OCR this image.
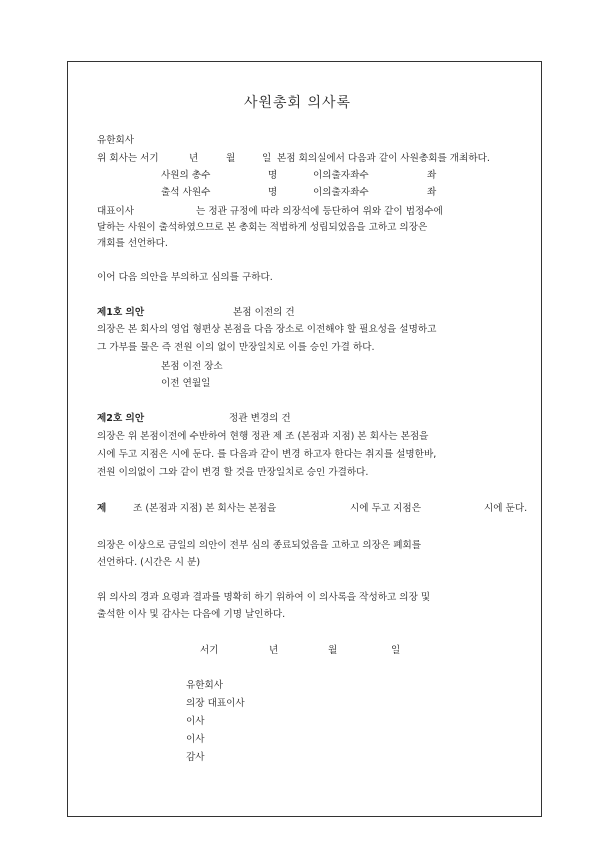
사원총회 의사록
유한회사
위 회사는 서기	년	월	일 본점 회의실에서 다음과 같이 사원총회를 개최하다.
사원의 총수	명	이의출자좌수	좌
출석 사원수	명	이의출자좌수	좌
대표이사	는 정관 규정에 따라 의장석에 등단하여 위와 같이 법정수에
달하는 사원이 출석하였으므로 본 총회는 적법하게 성립되었음을 고하고 의장은
개회를 선언하다.
이어 다음 의안을 부의하고 심의를 구하다.
제1호 의안	본점 이전의 건
의장은 본 회사의 영업 형편상 본점을 다음 장소로 이전해야 할 필요성을 설명하고
그 가부를 물은 즉 전원 이의 없이 만장일치로 이를 승인 가결 하다.
본점 이전 장소
이전 연월일
제2호 의안	정관 변경의 건
의장은 위 본점이전에 수반하여 현행 정관 제 조 (본점과 지점) 본 회사는 본점을
시에 두고 지점은 시에 둔다. 를 다음과 같이 변경 하고자 한다는 취지를 설명한바,
전원 이의없이 그와 같이 변경 할 것을 만장일치로 승인 가결하다.
제	조 (본점과 지점) 본 회사는 본점을	시에 두고 지점은	시에 둔다.
의장은 이상으로 금일의 의안이 전부 심의 종료되었음을 고하고 의장은 폐회를
선언하다. (시간은 시 분)
위 의사의 경과 요령과 결과를 명확히 하기 위하여 이 의사록을 작성하고 의장 및
출석한 이사 및 감사는 다음에 기명 날인하다.
서기	년	월	일
유한회사
의장 대표이사
이사
이사
감사
